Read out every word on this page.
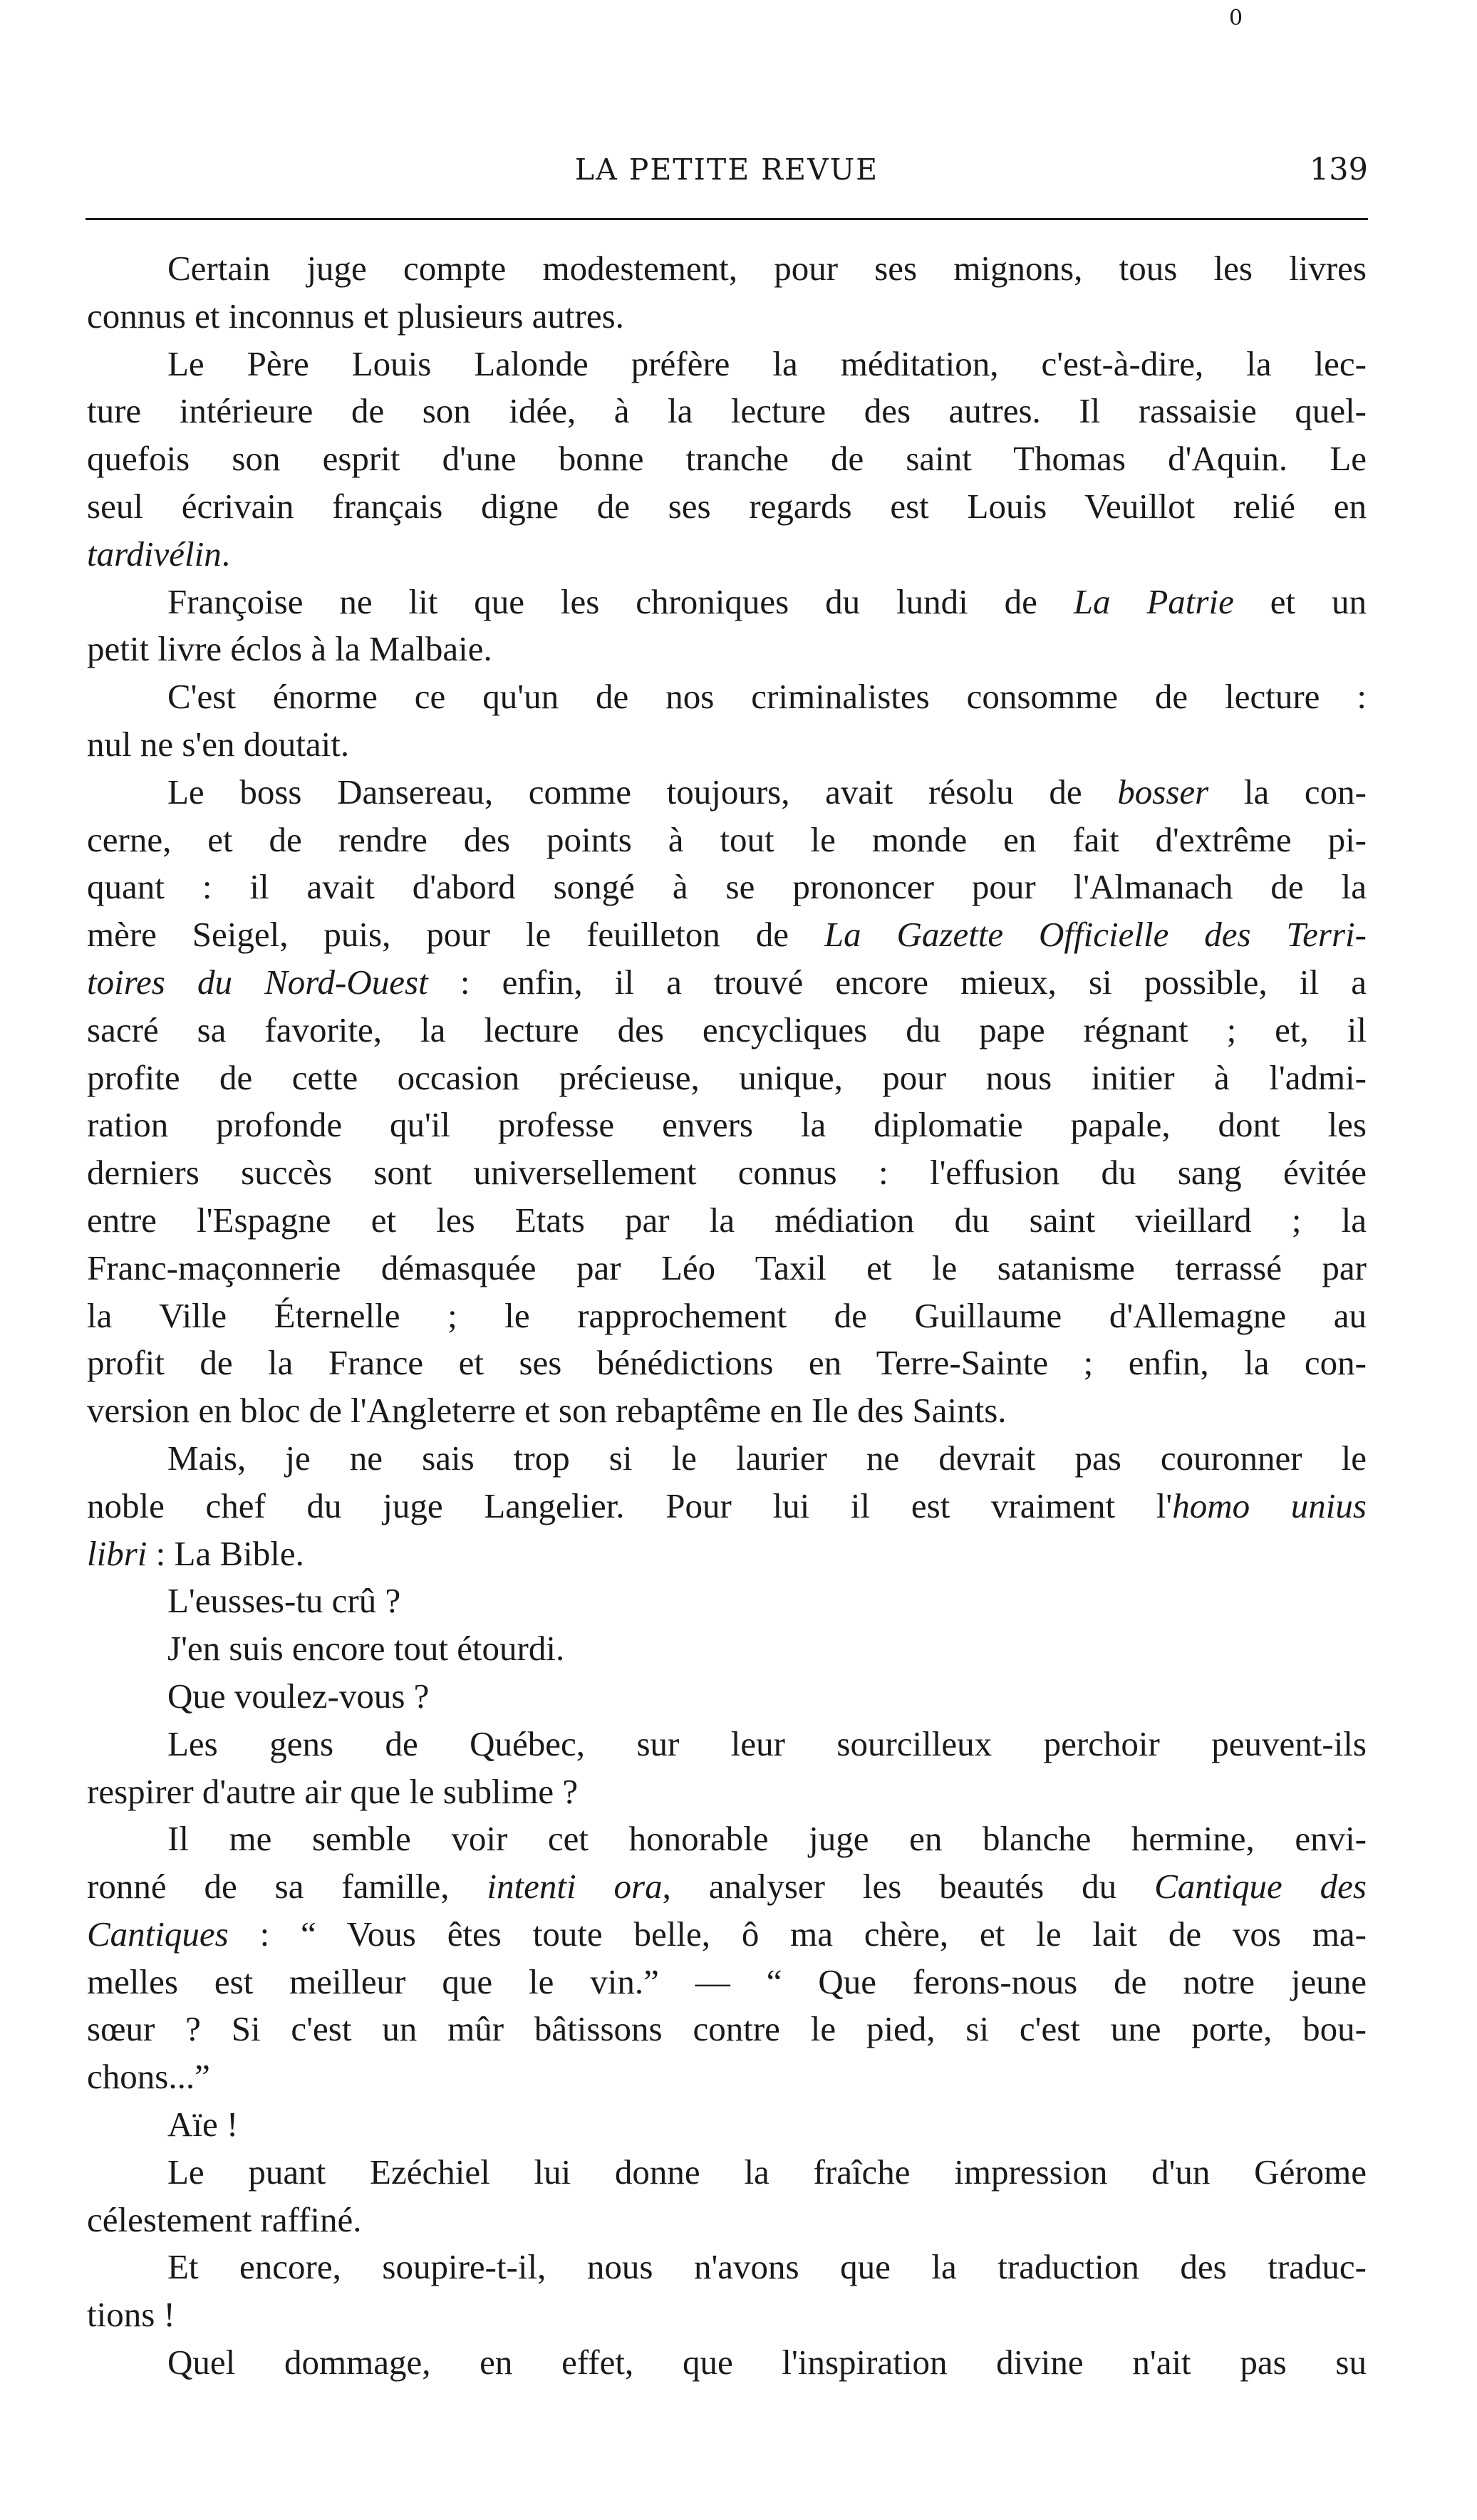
0
LA PETITE REVUE	139
Certain juge compte modestement, pour ses mignons, tous les livres
connus et inconnus et plusieurs autres.
Le Père Louis Lalonde préfère la méditation, c'est-à-dire, la lec-
ture intérieure de son idée, à la lecture des autres. Il rassaisie quel-
quefois son esprit d'une bonne tranche de saint Thomas d'Aquin. Le
seul écrivain français digne de ses regards est Louis Veuillot relié en
tardivélin.
Françoise ne lit que les chroniques du lundi de La Patrie et un
petit livre éclos à la Malbaie.
C'est énorme ce qu'un de nos criminalistes consomme de lecture :
nul ne s'en doutait.
Le boss Dansereau, comme toujours, avait résolu de bosser la con-
cerne, et de rendre des points à tout le monde en fait d'extrême pi-
quant : il avait d'abord songé à se prononcer pour l'Almanach de la
mère Seigel, puis, pour le feuilleton de La Gazette Officielle des Terri-
toires du Nord-Ouest : enfin, il a trouvé encore mieux, si possible, il a
sacré sa favorite, la lecture des encycliques du pape régnant ; et, il
profite de cette occasion précieuse, unique, pour nous initier à l'admi-
ration profonde qu'il professe envers la diplomatie papale, dont les
derniers succès sont universellement connus : l'effusion du sang évitée
entre l'Espagne et les Etats par la médiation du saint vieillard ; la
Franc-maçonnerie démasquée par Léo Taxil et le satanisme terrassé par
la Ville Éternelle ; le rapprochement de Guillaume d'Allemagne au
profit de la France et ses bénédictions en Terre-Sainte ; enfin, la con-
version en bloc de l'Angleterre et son rebaptême en Ile des Saints.
Mais, je ne sais trop si le laurier ne devrait pas couronner le
noble chef du juge Langelier. Pour lui il est vraiment l'homo unius
libri : La Bible.
L'eusses-tu crû ?
J'en suis encore tout étourdi.
Que voulez-vous ?
Les gens de Québec, sur leur sourcilleux perchoir peuvent-ils
respirer d'autre air que le sublime ?
Il me semble voir cet honorable juge en blanche hermine, envi-
ronné de sa famille, intenti ora, analyser les beautés du Cantique des
Cantiques : “ Vous êtes toute belle, ô ma chère, et le lait de vos ma-
melles est meilleur que le vin.” — “ Que ferons-nous de notre jeune
sœur ? Si c'est un mûr bâtissons contre le pied, si c'est une porte, bou-
chons...”
Aïe !
Le puant Ezéchiel lui donne la fraîche impression d'un Gérome
célestement raffiné.
Et encore, soupire-t-il, nous n'avons que la traduction des traduc-
tions !
Quel dommage, en effet, que l'inspiration divine n'ait pas su
